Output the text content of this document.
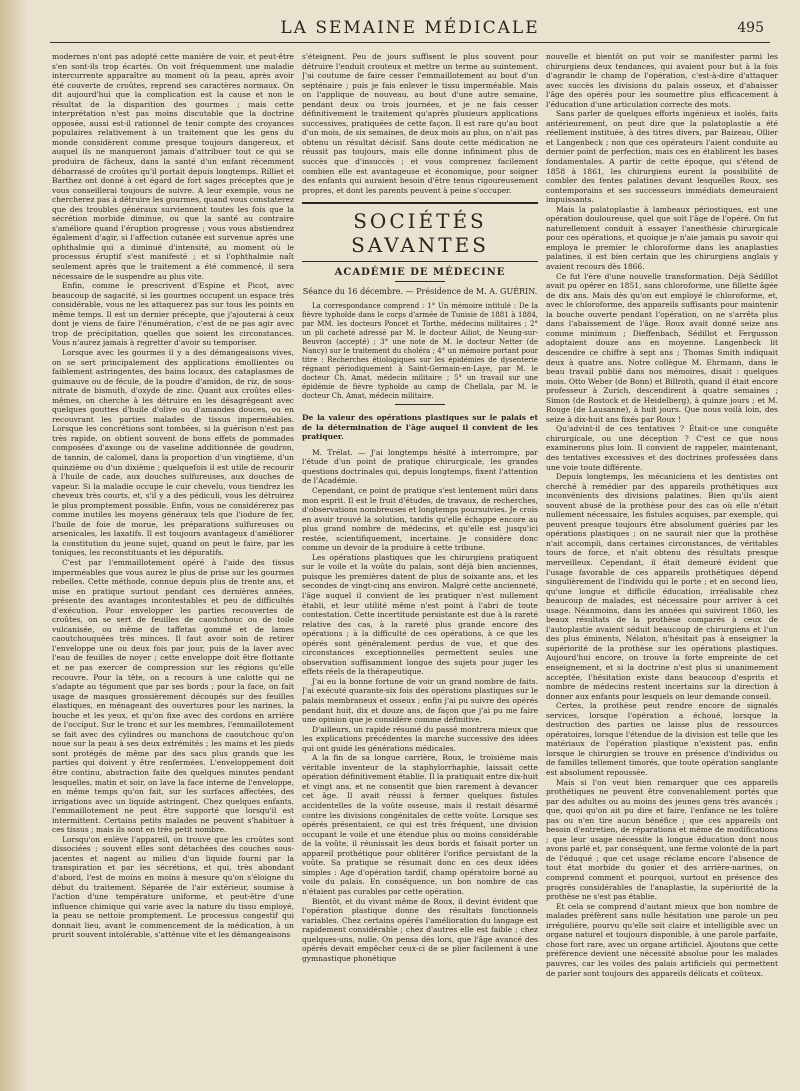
LA SEMAINE MÉDICALE	495

modernes n'ont pas adopté cette manière de voir, et peut-être s'en sont-ils trop écartés. On voit fréquemment une maladie intercurrente apparaître au moment où la peau, après avoir été couverte de croûtes, reprend ses caractères normaux. On dit aujourd'hui que la complication est la cause et non le résultat de la disparition des gourmes ; mais cette interprétation n'est pas moins discutable que la doctrine opposée, aussi est-il rationnel de tenir compte des croyances populaires relativement à un traitement que les gens du monde considèrent comme presque toujours dangereux, et auquel ils ne manqueront jamais d'attribuer tout ce qui se produira de fâcheux, dans la santé d'un enfant récemment débarrassé de croûtes qu'il portait depuis longtemps. Rilliet et Barthez ont donné à cet égard de fort sages préceptes que je vous conseillerai toujours de suivre. A leur exemple, vous ne chercherez pas à détruire les gourmes, quand vous constaterez que des troubles généraux surviennent toutes les fois que la sécrétion morbide diminue, ou que la santé au contraire s'améliore quand l'éruption progresse ; vous vous abstiendrez également d'agir, si l'affection cutanée est survenue après une ophthalmie qui a diminué d'intensité, au moment où le processus éruptif s'est manifesté ; et si l'ophthalmie naît seulement après que le traitement a été commencé, il sera nécessaire de le suspendre au plus vite.

Enfin, comme le prescrivent d'Espine et Picot, avec beaucoup de sagacité, si les gourmes occupent un espace très considérable, vous ne les attaquerez pas sur tous les points en même temps. Il est un dernier précepte, que j'ajouterai à ceux dont je viens de faire l'énumération, c'est de ne pas agir avec trop de précipitation, quelles que soient les circonstances. Vous n'aurez jamais à regretter d'avoir su temporiser.

Lorsque avec les gourmes il y a des démangeaisons vives, on se sert principalement des applications émollientes ou faiblement astringentes, des bains locaux, des cataplasmes de guimauve ou de fécule, de la poudre d'amidon, de riz, de sous-nitrate de bismuth, d'oxyde de zinc. Quant aux croûtes elles-mêmes, on cherche à les détruire en les désagrégeant avec quelques gouttes d'huile d'olive ou d'amandes douces, ou en recouvrant les parties malades de tissus imperméables. Lorsque les concrétions sont tombées, si la guérison n'est pas très rapide, on obtient souvent de bons effets de pommades composées d'axonge ou de vaseline additionnée de goudron, de tannin, de calomel, dans la proportion d'un vingtième, d'un quinzième ou d'un dixième ; quelquefois il est utile de recourir à l'huile de cade, aux douches sulfureuses, aux douches de vapeur. Si la maladie occupe le cuir chevelu, vous tiendrez les cheveux très courts, et, s'il y a des pédiculi, vous les détruirez le plus promptement possible. Enfin, vous ne considérerez pas comme inutiles les moyens généraux tels que l'iodure de fer, l'huile de foie de morue, les préparations sulfureuses ou arsenicales, les laxatifs. Il est toujours avantageux d'améliorer la constitution du jeune sujet, quand on peut le faire, par les toniques, les reconstituants et les dépuratifs.

C'est par l'emmaillotement opéré à l'aide des tissus imperméables que vous aurez le plus de prise sur les gourmes rebelles. Cette méthode, connue depuis plus de trente ans, et mise en pratique surtout pendant ces dernières années, présente des avantages incontestables et peu de difficultés d'exécution. Pour envelopper les parties recouvertes de croûtes, on se sert de feuilles de caoutchouc ou de toile vulcanisée, ou même de taffetas gommé et de lames caoutchouquées très minces. Il faut avoir soin de retirer l'enveloppe une ou deux fois par jour, puis de la laver avec l'eau de feuilles de noyer ; cette enveloppe doit être flottante et ne pas exercer de compression sur les régions qu'elle recouvre. Pour la tête, on a recours à une calotte qui ne s'adapte au tégument que par ses bords ; pour la face, on fait usage de masques grossièrement découpés sur des feuilles élastiques, en ménageant des ouvertures pour les narines, la bouche et les yeux, et qu'on fixe avec des cordons en arrière de l'occiput. Sur le tronc et sur les membres, l'emmaillotement se fait avec des cylindres ou manchons de caoutchouc qu'on noue sur la peau à ses deux extrémités ; les mains et les pieds sont protégés de même par des sacs plus grands que les parties qui doivent y être renfermées. L'enveloppement doit être continu, abstraction faite des quelques minutes pendant lesquelles, matin et soir, on lave la face interne de l'enveloppe, en même temps qu'on fait, sur les surfaces affectées, des irrigations avec un liquide astringent. Chez quelques enfants, l'emmaillotement ne peut être supporté que lorsqu'il est intermittent. Certains petits malades ne peuvent s'habituer à ces tissus ; mais ils sont en très petit nombre.

Lorsqu'on enlève l'appareil, on trouve que les croûtes sont dissociées ; souvent elles sont détachées des couches sous-jacentes et nagent au milieu d'un liquide fourni par la transpiration et par les sécrétions, et qui, très abondant d'abord, l'est de moins en moins à mesure qu'on s'éloigne du début du traitement. Séparée de l'air extérieur, soumise à l'action d'une température uniforme, et peut-être d'une influence chimique qui varie avec la nature du tissu employé, la peau se nettoie promptement. Le processus congestif qui donnait lieu, avant le commencement de la médication, à un prurit souvent intolérable, s'atténue vite et les démangeaisons

s'éteignent. Peu de jours suffisent le plus souvent pour détruire l'enduit crouteux et mettre un terme au suintement. J'ai coutume de faire cesser l'emmaillotement au bout d'un septénaire ; puis je fais enlever le tissu imperméable. Mais on l'applique de nouveau, au bout d'une autre semaine, pendant deux ou trois journées, et je ne fais cesser définitivement le traitement qu'après plusieurs applications successives, pratiquées de cette façon. Il est rare qu'au bout d'un mois, de six semaines, de deux mois au plus, on n'ait pas obtenu un résultat décisif. Sans doute cette médication ne réussit pas toujours, mais elle donne infiniment plus de succès que d'insuccès ; et vous comprenez facilement combien elle est avantageuse et économique, pour soigner des enfants qui auraient besoin d'être tenus rigoureusement propres, et dont les parents peuvent à peine s'occuper.

SOCIÉTÉS SAVANTES
ACADÉMIE DE MÉDECINE
Séance du 16 décembre. — Présidence de M. A. GUÉRIN.

La correspondance comprend : 1° Un mémoire intitulé : De la fièvre typhoïde dans le corps d'armée de Tunisie de 1881 à 1884, par MM. les docteurs Poncet et Torthe, médecins militaires ; 2° un pli cacheté adressé par M. le docteur Ailiot, de Neung-sur-Beuvron (accepté) ; 3° une note de M. le docteur Netter (de Nancy) sur le traitement du choléra ; 4° un mémoire portant pour titre : Recherches étiologiques sur les épidémies de dysenterie régnant périodiquement à Saint-Germain-en-Laye, par M. le docteur Ch. Amat, médecin militaire ; 5° un travail sur une épidémie de fièvre typhoïde au camp de Chellala, par M. le docteur Ch. Amat, médecin militaire.

De la valeur des opérations plastiques sur le palais et de la détermination de l'âge auquel il convient de les pratiquer.

M. Trélat. — J'ai longtemps hésité à interrompre, par l'étude d'un point de pratique chirurgicale, les grandes questions doctrinales qui, depuis longtemps, fixent l'attention de l'Académie.

Cependant, ce point de pratique s'est lentement mûri dans mon esprit. Il est le fruit d'études, de travaux, de recherches, d'observations nombreuses et longtemps poursuivies. Je crois en avoir trouvé la solution, tandis qu'elle échappe encore au plus grand nombre de médecins, et qu'elle est jusqu'ici restée, scientifiquement, incertaine. Je considère donc comme un devoir de la produire à cette tribune.

Les opérations plastiques que les chirurgiens pratiquent sur le voile et la voûte du palais, sont déjà bien anciennes, puisque les premières datent de plus de soixante ans, et les secondes de vingt-cinq ans environ. Malgré cette ancienneté, l'âge auquel il convient de les pratiquer n'est nullement établi, et leur utilité même n'est point à l'abri de toute contestation. Cette incertitude persistante est due à la rareté relative des cas, à la rareté plus grande encore des opérations ; à la difficulté de ces opérations, à ce que les opérés sont généralement perdus de vue, et que des circonstances exceptionnelles permettent seules une observation suffisamment longue des sujets pour juger les effets réels de la thérapeutique.

J'ai eu la bonne fortune de voir un grand nombre de faits. J'ai exécuté quarante-six fois des opérations plastiques sur le palais membraneux et osseux ; enfin j'ai pu suivre des opérés pendant huit, dix et douze ans, de façon que j'ai pu me faire une opinion que je considère comme définitive.

D'ailleurs, un rapide résumé du passé montrera mieux que les explications précédentes la marche successive des idées qui ont guidé les générations médicales.

A la fin de sa longue carrière, Roux, le troisième mais véritable inventeur de la staphylorrhaphie, laissait cette opération définitivement établie. Il la pratiquait entre dix-huit et vingt ans, et ne consentit que bien rarement à devancer cet âge. Il avait réussi à fermer quelques fistules accidentelles de la voûte osseuse, mais il restait désarmé contre les divisions congénitales de cette voûte. Lorsque ses opérés présentaient, ce qui est très fréquent, une division occupant le voile et une étendue plus ou moins considérable de la voûte, il réunissait les deux bords et faisait porter un appareil prothétique pour oblitérer l'orifice persistant de la voûte. Sa pratique se résumait donc en ces deux idées simples : Age d'opération tardif, champ opératoire borné au voile du palais. En conséquence, un bon nombre de cas n'étaient pas curables par cette opération.

Bientôt, et du vivant même de Roux, il devint évident que l'opération plastique donne des résultats fonctionnels variables. Chez certains opérés l'amélioration du langage est rapidement considérable ; chez d'autres elle est faible ; chez quelques-uns, nulle. On pensa dès lors, que l'âge avancé des opérés devait empêcher ceux-ci de se plier facilement à une gymnastique phonétique

nouvelle et bientôt on put voir se manifester parmi les chirurgiens deux tendances, qui avaient pour but à la fois d'agrandir le champ de l'opération, c'est-à-dire d'attaquer avec succès les divisions du palais osseux, et d'abaisser l'âge des opérés pour les soumettre plus efficacement à l'éducation d'une articulation correcte des mots.

Sans parler de quelques efforts ingénieux et isolés, faits antérieurement, on peut dire que la palatoplastie a été réellement instituée, à des titres divers, par Baizeau, Ollier et Langenbeck ; non que ces opérateurs l'aient conduite au dernier point de perfection, mais ces en établirent les bases fondamentales. A partir de cette époque, qui s'étend de 1858 à 1861, les chirurgiens eurent la possibilité de combler des fentes palatines devant lesquelles Roux, ses contemporains et ses successeurs immédiats demeuraient impuissants.

Mais la palatoplastie à lambeaux périostiques, est une opération douloureuse, quel que soit l'âge de l'opéré. On fut naturellement conduit à essayer l'anesthésie chirurgicale pour ces opérations, et quoique je n'aie jamais pu savoir qui employa le premier le chloroforme dans les anaplasties palatines, il est bien certain que les chirurgiens anglais y avaient recours dès 1866.

Ce fut l'ère d'une nouvelle transformation. Déjà Sédillot avait pu opérer en 1851, sans chloroforme, une fillette âgée de dix ans. Mais dès qu'on eut employé le chloroforme, et, avec le chloroforme, des appareils suffisants pour maintenir la bouche ouverte pendant l'opération, on ne s'arrêta plus dans l'abaissement de l'âge. Roux avait donné seize ans comme minimum ; Dieffenbach, Sédillot et Fergusson adoptaient douze ans en moyenne. Langenbeck lit descendre ce chiffre à sept ans ; Thomas Smith indiquait deux à quatre ans. Notre collègue M. Ehrmann, dans le beau travail publié dans nos mémoires, disait : quelques mois. Otto Weber (de Bonn) et Billroth, quand il était encore professeur à Zurich, descendirent à quatre semaines ; Simon (de Rostock et de Heidelberg), à quinze jours ; et M. Rouge (de Lausanne), à huit jours. Que nous voilà loin, des seize à dix-huit ans fixés par Roux !

Qu'advint-il de ces tentatives ? Était-ce une conquête chirurgicale, ou une déception ? C'est ce que nous examinerons plus loin. Il convient de rappeler, maintenant, des tentatives excessives et des doctrines professées dans une voie toute différente.

Depuis longtemps, les mécaniciens et les dentistes ont cherché à remédier par des appareils prothétiques aux inconvénients des divisions palatines. Bien qu'ils aient souvent abusé de la prothèse pour des cas où elle n'était nullement nécessaire, les fistules acquises, par exemple, qui peuvent presque toujours être absolument guéries par les opérations plastiques ; on ne saurait nier que la prothèse n'ait accompli, dans certaines circonstances, de véritables tours de force, et n'ait obtenu des résultats presque merveilleux. Cependant, il était demeuré évident que l'usage favorable de ces appareils prothétiques dépend singulièrement de l'individu qui le porte ; et en second lieu, qu'une longue et difficile éducation, irréalisable chez beaucoup de malades, est nécessaire pour arriver à cet usage. Néanmoins, dans les années qui suivirent 1860, les beaux résultats de la prothèse comparés à ceux de l'autoplastie avaient séduit beaucoup de chirurgiens et l'un des plus éminents, Nélaton, n'hésitait pas à enseigner la supériorité de la prothèse sur les opérations plastiques. Aujourd'hui encore, on trouve la forte empreinte de cet enseignement, et si la doctrine n'est plus si unanimement acceptée, l'hésitation existe dans beaucoup d'esprits et nombre de médecins restent incertains sur la direction à donner aux enfants pour lesquels on leur demande conseil.

Certes, la prothèse peut rendre encore de signalés services, lorsque l'opération a échoué, lorsque la destruction des parties ne laisse plus de ressources opératoires, lorsque l'étendue de la division est telle que les matériaux de l'opération plastique n'existent pas, enfin lorsque le chirurgien se trouve en présence d'individus ou de familles tellement timorés, que toute opération sanglante est absolument repoussée.

Mais si l'on veut bien remarquer que ces appareils prothétiques ne peuvent être convenablement portés que par des adultes ou au moins des jeunes gens très avancés ; que, quoi qu'on ait pu dire et faire, l'enfance ne les tolère pas ou n'en tire aucun bénéfice ; que ces appareils ont besoin d'entretien, de réparations et même de modifications ; que leur usage nécessite la longue éducation dont nous avons parlé et, par conséquent, une ferme volonté de la part de l'éduqué ; que cet usage réclame encore l'absence de tout état morbide du gosier et des arrière-narines, on comprend comment et pourquoi, surtout en présence des progrès considérables de l'anaplastie, la supériorité de la prothèse ne s'est pas établie.

Et cela se comprend d'autant mieux que bon nombre de malades préfèrent sans nulle hésitation une parole un peu irrégulière, pourvu qu'elle soit claire et intelligible avec un organe naturel et toujours disponible, à une parole parfaite, chose fort rare, avec un organe artificiel. Ajoutons que cette préférence devient une nécessité absolue pour les malades pauvres, car les voiles des palais artificiels qui permettent de parler sont toujours des appareils délicats et coûteux.
